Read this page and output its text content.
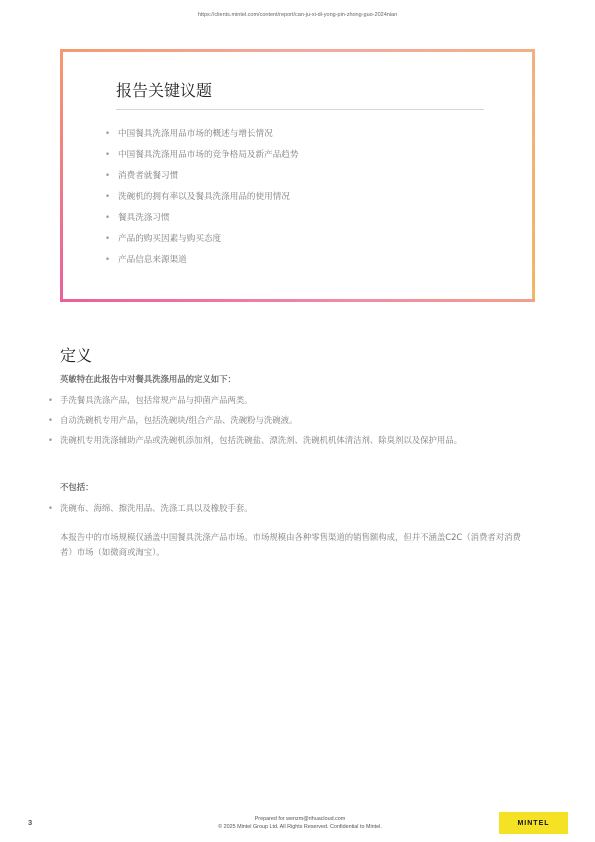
https://clients.mintel.com/content/report/can-ju-xi-di-yong-pin-zhong-guo-2024nian
报告关键议题
• 中国餐具洗涤用品市场的概述与增长情况
• 中国餐具洗涤用品市场的竞争格局及新产品趋势
• 消费者就餐习惯
• 洗碗机的拥有率以及餐具洗涤用品的使用情况
• 餐具洗涤习惯
• 产品的购买因素与购买态度
• 产品信息来源渠道
定义
英敏特在此报告中对餐具洗涤用品的定义如下：
• 手洗餐具洗涤产品，包括常规产品与抑菌产品两类。
• 自动洗碗机专用产品，包括洗碗块/组合产品、洗碗粉与洗碗液。
• 洗碗机专用洗涤辅助产品或洗碗机添加剂，包括洗碗盐、漂洗剂、洗碗机机体清洁剂、除臭剂以及保护用品。
不包括：
• 洗碗布、海绵、擦洗用品、洗涤工具以及橡胶手套。
本报告中的市场规模仅涵盖中国餐具洗涤产品市场。市场规模由各种零售渠道的销售额构成，但并不涵盖C2C（消费者对消费者）市场（如微商或淘宝）。
3	Prepared for wenzm@rihuacloud.com
© 2025 Mintel Group Ltd. All Rights Reserved. Confidential to Mintel.
MINTEL
